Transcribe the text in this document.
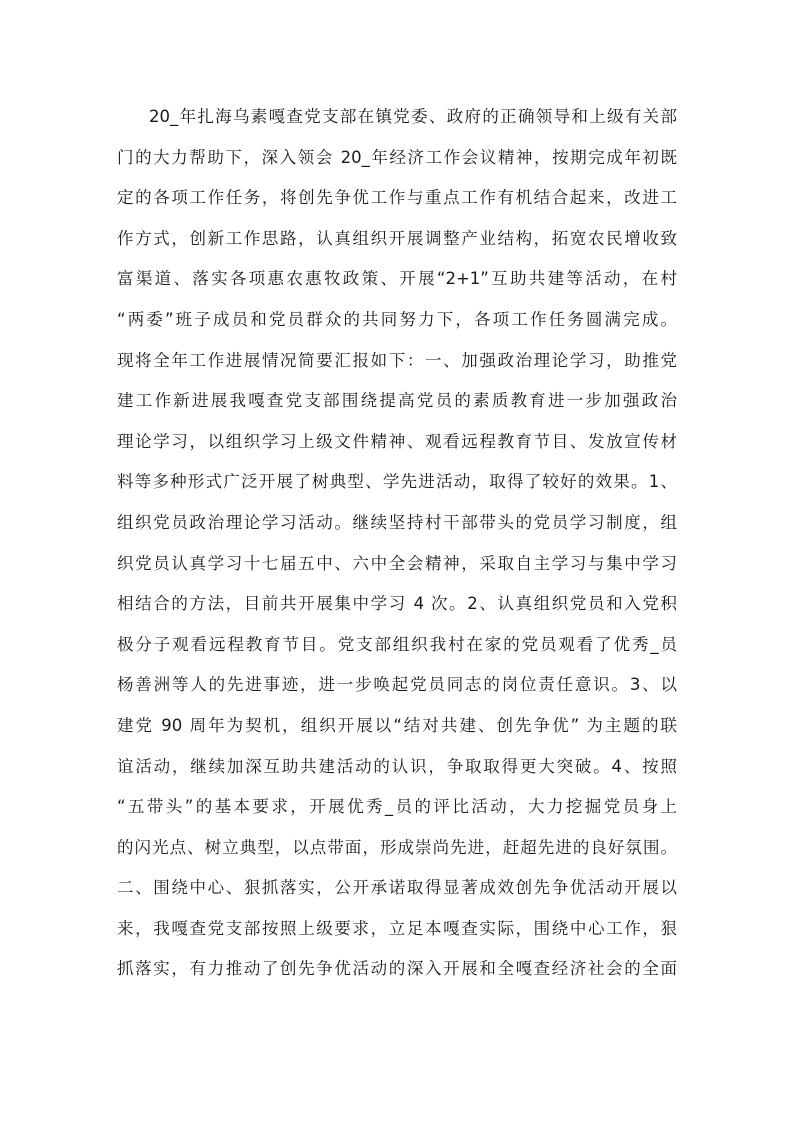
20_年扎海乌素嘎查党支部在镇党委、政府的正确领导和上级有关部
门的大力帮助下，深入领会 20_年经济工作会议精神，按期完成年初既
定的各项工作任务，将创先争优工作与重点工作有机结合起来，改进工
作方式，创新工作思路，认真组织开展调整产业结构，拓宽农民增收致
富渠道、落实各项惠农惠牧政策、开展“2+1”互助共建等活动，在村
“两委”班子成员和党员群众的共同努力下，各项工作任务圆满完成。
现将全年工作进展情况简要汇报如下：一、加强政治理论学习，助推党
建工作新进展我嘎查党支部围绕提高党员的素质教育进一步加强政治
理论学习，以组织学习上级文件精神、观看远程教育节目、发放宣传材
料等多种形式广泛开展了树典型、学先进活动，取得了较好的效果。1、
组织党员政治理论学习活动。继续坚持村干部带头的党员学习制度，组
织党员认真学习十七届五中、六中全会精神，采取自主学习与集中学习
相结合的方法，目前共开展集中学习 4 次。2、认真组织党员和入党积
极分子观看远程教育节目。党支部组织我村在家的党员观看了优秀_员
杨善洲等人的先进事迹，进一步唤起党员同志的岗位责任意识。3、以
建党 90 周年为契机，组织开展以“结对共建、创先争优” 为主题的联
谊活动，继续加深互助共建活动的认识，争取取得更大突破。4、按照
“五带头”的基本要求，开展优秀_员的评比活动，大力挖掘党员身上
的闪光点、树立典型，以点带面，形成崇尚先进，赶超先进的良好氛围。
二、围绕中心、狠抓落实，公开承诺取得显著成效创先争优活动开展以
来，我嘎查党支部按照上级要求，立足本嘎查实际，围绕中心工作，狠
抓落实，有力推动了创先争优活动的深入开展和全嘎查经济社会的全面
